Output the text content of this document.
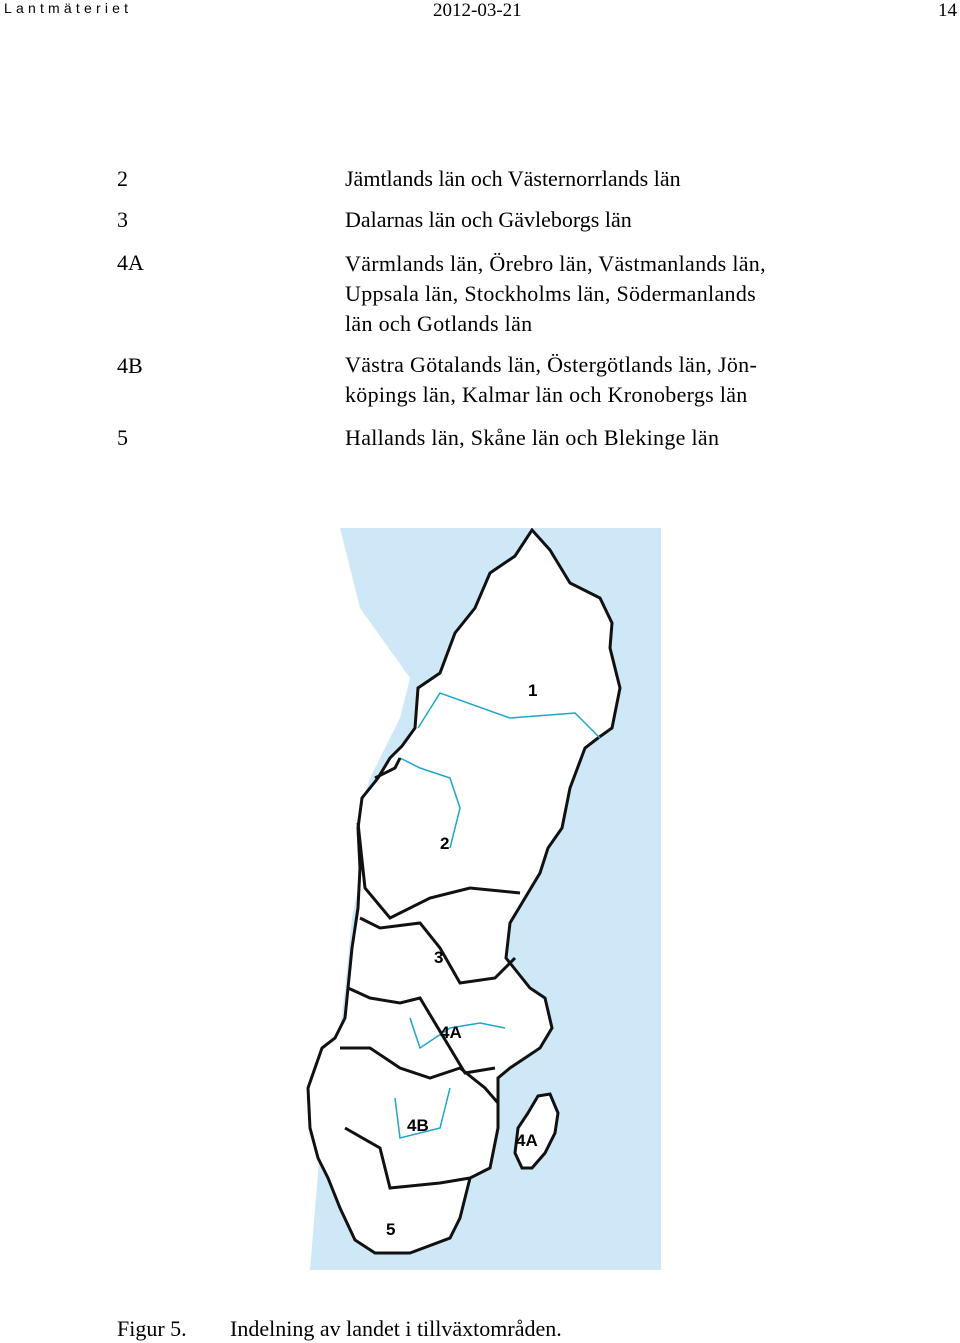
Lantmäteriet	2012-03-21	14
2	Jämtlands län och Västernorrlands län
3	Dalarnas län och Gävleborgs län
4A	Värmlands län, Örebro län, Västmanlands län,
Uppsala län, Stockholms län, Södermanlands
län och Gotlands län
4B	Västra Götalands län, Östergötlands län, Jön-
köpings län, Kalmar län och Kronobergs län
5	Hallands län, Skåne län och Blekinge län
1
2
3
4A
4B
4A
5
Figur 5. Indelning av landet i tillväxtområden.
